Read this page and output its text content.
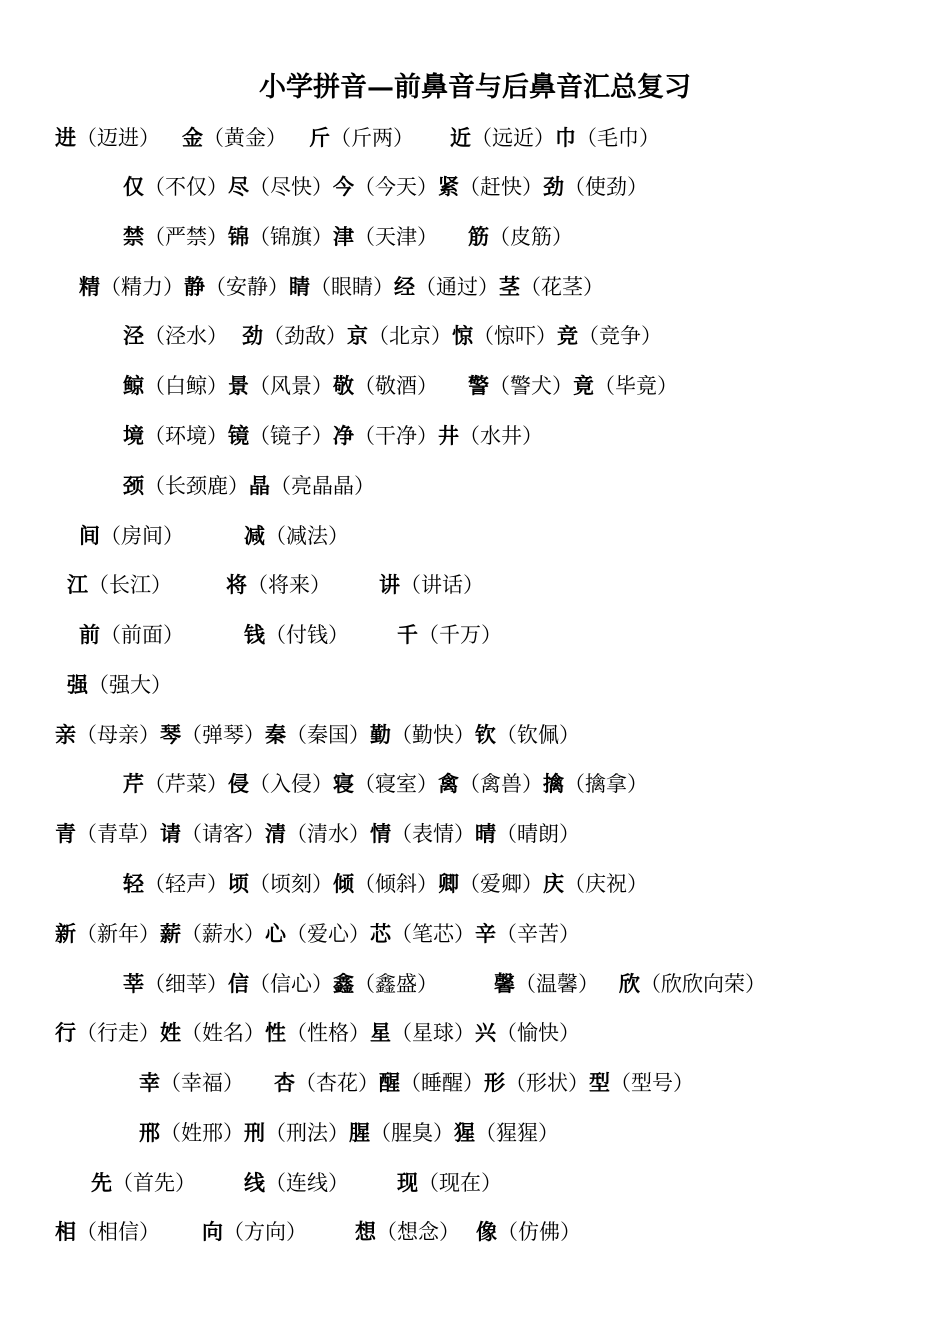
小学拼音—前鼻音与后鼻音汇总复习
进（迈进） 金（黄金） 斤（斤两） 近（远近）巾（毛巾）
仅（不仅）尽（尽快）今（今天）紧（赶快）劲（使劲）
禁（严禁）锦（锦旗）津（天津） 筋（皮筋）
精（精力）静（安静）睛（眼睛）经（通过）茎（花茎）
泾（泾水） 劲（劲敌）京（北京）惊（惊吓）竞（竞争）
鲸（白鲸）景（风景）敬（敬酒） 警（警犬）竟（毕竟）
境（环境）镜（镜子）净（干净）井（水井）
颈（长颈鹿）晶（亮晶晶）
间（房间）	减（减法）
江（长江）	将（将来） 讲（讲话）
前（前面）	钱（付钱） 千（千万）
强（强大）
亲（母亲）琴（弹琴）秦（秦国）勤（勤快）钦（钦佩）
芹（芹菜）侵（入侵）寝（寝室）禽（禽兽）擒（擒拿）
青（青草）请（请客）清（清水）情（表情）晴（晴朗）
轻（轻声）顷（顷刻）倾（倾斜）卿（爱卿）庆（庆祝）
新（新年）薪（薪水）心（爱心）芯（笔芯）辛（辛苦）
莘（细莘）信（信心）鑫（鑫盛）	馨（温馨） 欣（欣欣向荣）
行（行走）姓（姓名）性（性格）星（星球）兴（愉快）
幸（幸福） 杏（杏花）醒（睡醒）形（形状）型（型号）
邢（姓邢）刑（刑法）腥（腥臭）猩（猩猩）
先（首先） 线（连线） 现（现在）
相（相信） 向（方向） 想（想念） 像（仿佛）
